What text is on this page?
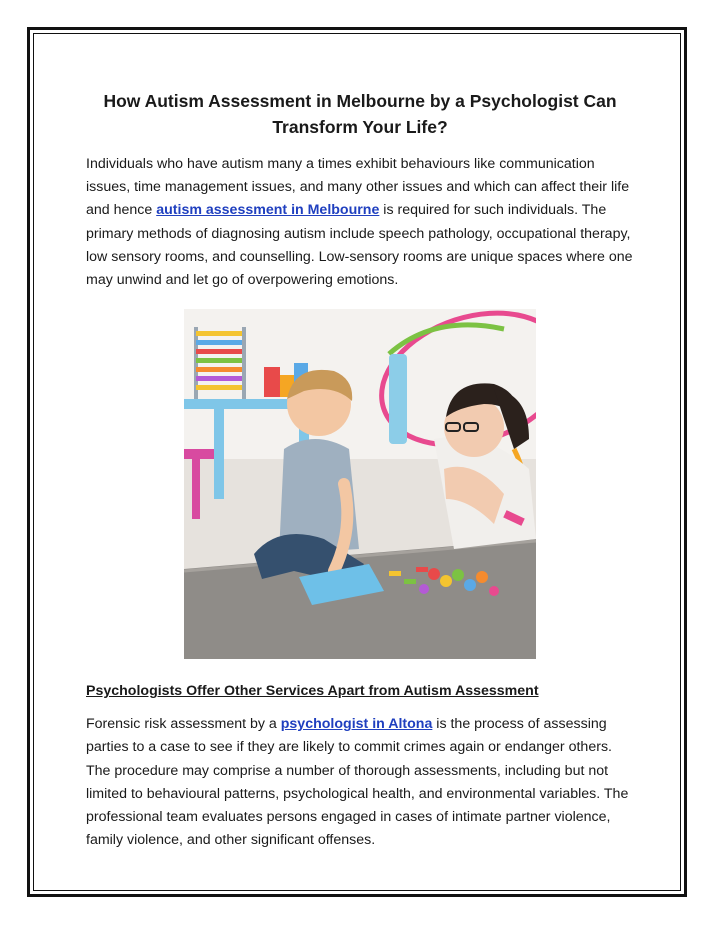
How Autism Assessment in Melbourne by a Psychologist Can Transform Your Life?

Individuals who have autism many a times exhibit behaviours like communication issues, time management issues, and many other issues and which can affect their life and hence autism assessment in Melbourne is required for such individuals. The primary methods of diagnosing autism include speech pathology, occupational therapy, low sensory rooms, and counselling. Low-sensory rooms are unique spaces where one may unwind and let go of overpowering emotions.

Psychologists Offer Other Services Apart from Autism Assessment

Forensic risk assessment by a psychologist in Altona is the process of assessing parties to a case to see if they are likely to commit crimes again or endanger others. The procedure may comprise a number of thorough assessments, including but not limited to behavioural patterns, psychological health, and environmental variables. The professional team evaluates persons engaged in cases of intimate partner violence, family violence, and other significant offenses.
